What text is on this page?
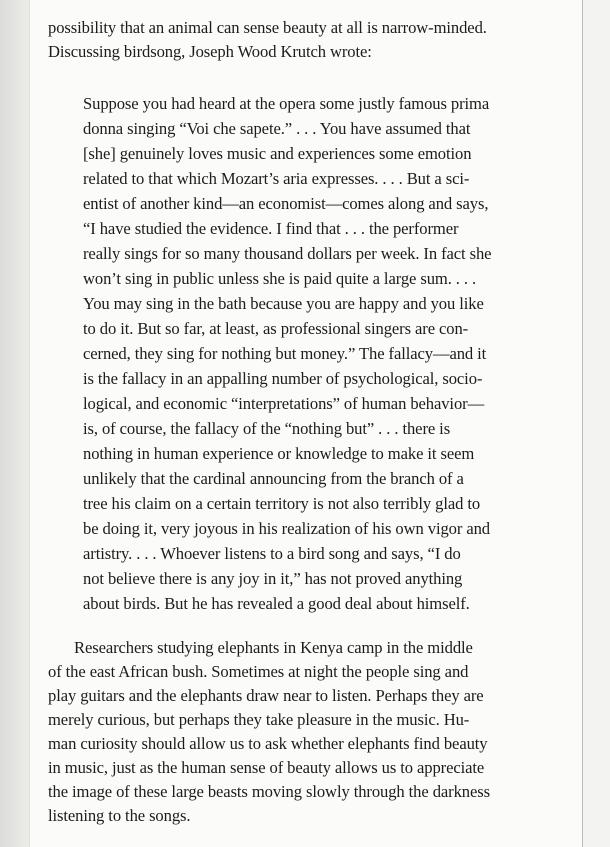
possibility that an animal can sense beauty at all is narrow-minded.
Discussing birdsong, Joseph Wood Krutch wrote:
Suppose you had heard at the opera some justly famous prima
donna singing “Voi che sapete.” . . . You have assumed that
[she] genuinely loves music and experiences some emotion
related to that which Mozart’s aria expresses. . . . But a sci-
entist of another kind—an economist—comes along and says,
“I have studied the evidence. I find that . . . the performer
really sings for so many thousand dollars per week. In fact she
won’t sing in public unless she is paid quite a large sum. . . .
You may sing in the bath because you are happy and you like
to do it. But so far, at least, as professional singers are con-
cerned, they sing for nothing but money.” The fallacy—and it
is the fallacy in an appalling number of psychological, socio-
logical, and economic “interpretations” of human behavior—
is, of course, the fallacy of the “nothing but” . . . there is
nothing in human experience or knowledge to make it seem
unlikely that the cardinal announcing from the branch of a
tree his claim on a certain territory is not also terribly glad to
be doing it, very joyous in his realization of his own vigor and
artistry. . . . Whoever listens to a bird song and says, “I do
not believe there is any joy in it,” has not proved anything
about birds. But he has revealed a good deal about himself.
Researchers studying elephants in Kenya camp in the middle
of the east African bush. Sometimes at night the people sing and
play guitars and the elephants draw near to listen. Perhaps they are
merely curious, but perhaps they take pleasure in the music. Hu-
man curiosity should allow us to ask whether elephants find beauty
in music, just as the human sense of beauty allows us to appreciate
the image of these large beasts moving slowly through the darkness
listening to the songs.
